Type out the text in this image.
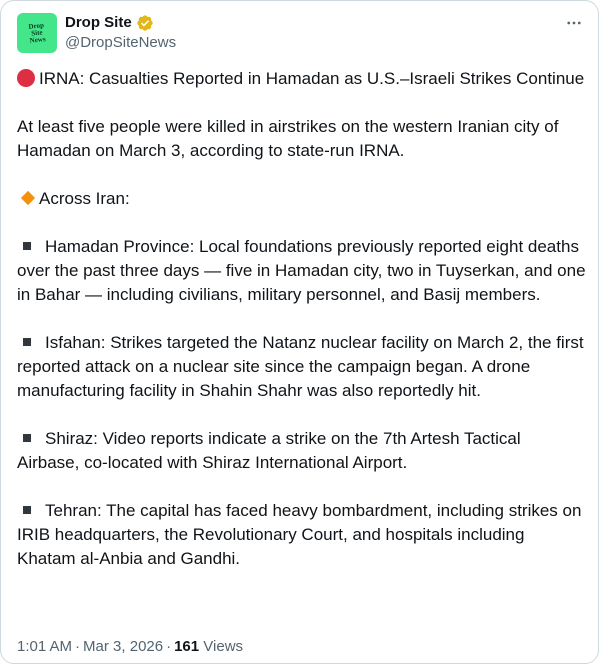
Drop
Site
News
Drop Site
@DropSiteNews

IRNA: Casualties Reported in Hamadan as U.S.–Israeli Strikes Continue

At least five people were killed in airstrikes on the western Iranian city of Hamadan on March 3, according to state-run IRNA.

Across Iran:

Hamadan Province: Local foundations previously reported eight deaths over the past three days — five in Hamadan city, two in Tuyserkan, and one in Bahar — including civilians, military personnel, and Basij members.

Isfahan: Strikes targeted the Natanz nuclear facility on March 2, the first reported attack on a nuclear site since the campaign began. A drone manufacturing facility in Shahin Shahr was also reportedly hit.

Shiraz: Video reports indicate a strike on the 7th Artesh Tactical Airbase, co-located with Shiraz International Airport.

Tehran: The capital has faced heavy bombardment, including strikes on IRIB headquarters, the Revolutionary Court, and hospitals including Khatam al-Anbia and Gandhi.

1:01 AM · Mar 3, 2026 · 161 Views
